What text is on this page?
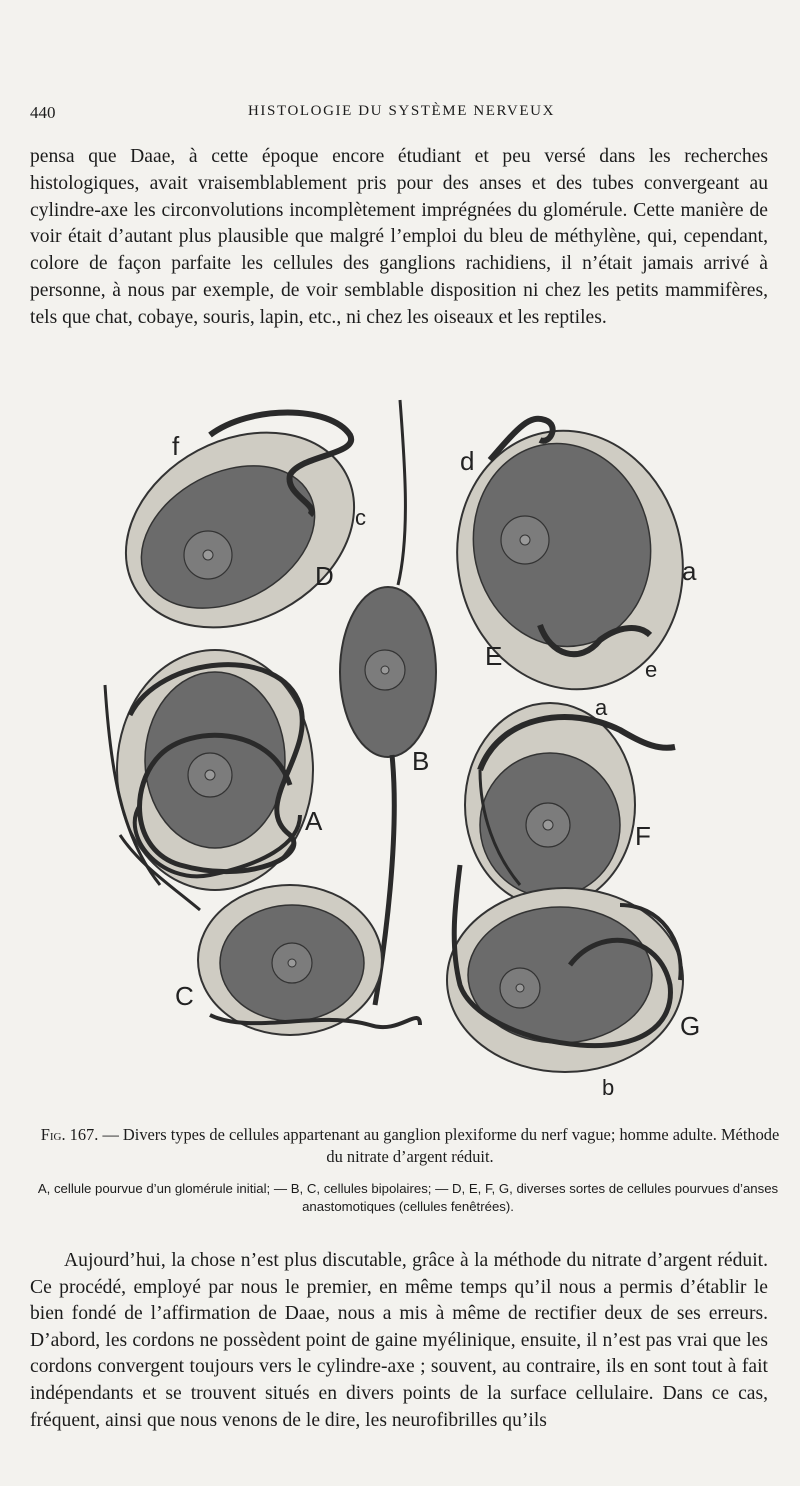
440	HISTOLOGIE DU SYSTÈME NERVEUX

pensa que Daae, à cette époque encore étudiant et peu versé dans les recherches histologiques, avait vraisemblablement pris pour des anses et des tubes convergeant au cylindre-axe les circonvolutions incomplètement imprégnées du glomérule. Cette manière de voir était d’autant plus plausible que malgré l’emploi du bleu de méthylène, qui, cependant, colore de façon parfaite les cellules des ganglions rachidiens, il n’était jamais arrivé à personne, à nous par exemple, de voir semblable disposition ni chez les petits mammifères, tels que chat, cobaye, souris, lapin, etc., ni chez les oiseaux et les reptiles.

f
c
D
d
a
E	e
B
A
a
F
C
G
b

Fig. 167. — Divers types de cellules appartenant au ganglion plexiforme du nerf vague; homme adulte. Méthode du nitrate d’argent réduit.

A, cellule pourvue d’un glomérule initial; — B, C, cellules bipolaires; — D, E, F, G, diverses sortes de cellules pourvues d’anses anastomotiques (cellules fenêtrées).

Aujourd’hui, la chose n’est plus discutable, grâce à la méthode du nitrate d’argent réduit. Ce procédé, employé par nous le premier, en même temps qu’il nous a permis d’établir le bien fondé de l’affirmation de Daae, nous a mis à même de rectifier deux de ses erreurs. D’abord, les cordons ne possèdent point de gaine myélinique, ensuite, il n’est pas vrai que les cordons convergent toujours vers le cylindre-axe ; souvent, au contraire, ils en sont tout à fait indépendants et se trouvent situés en divers points de la surface cellulaire. Dans ce cas, fréquent, ainsi que nous venons de le dire, les neurofibrilles qu’ils
